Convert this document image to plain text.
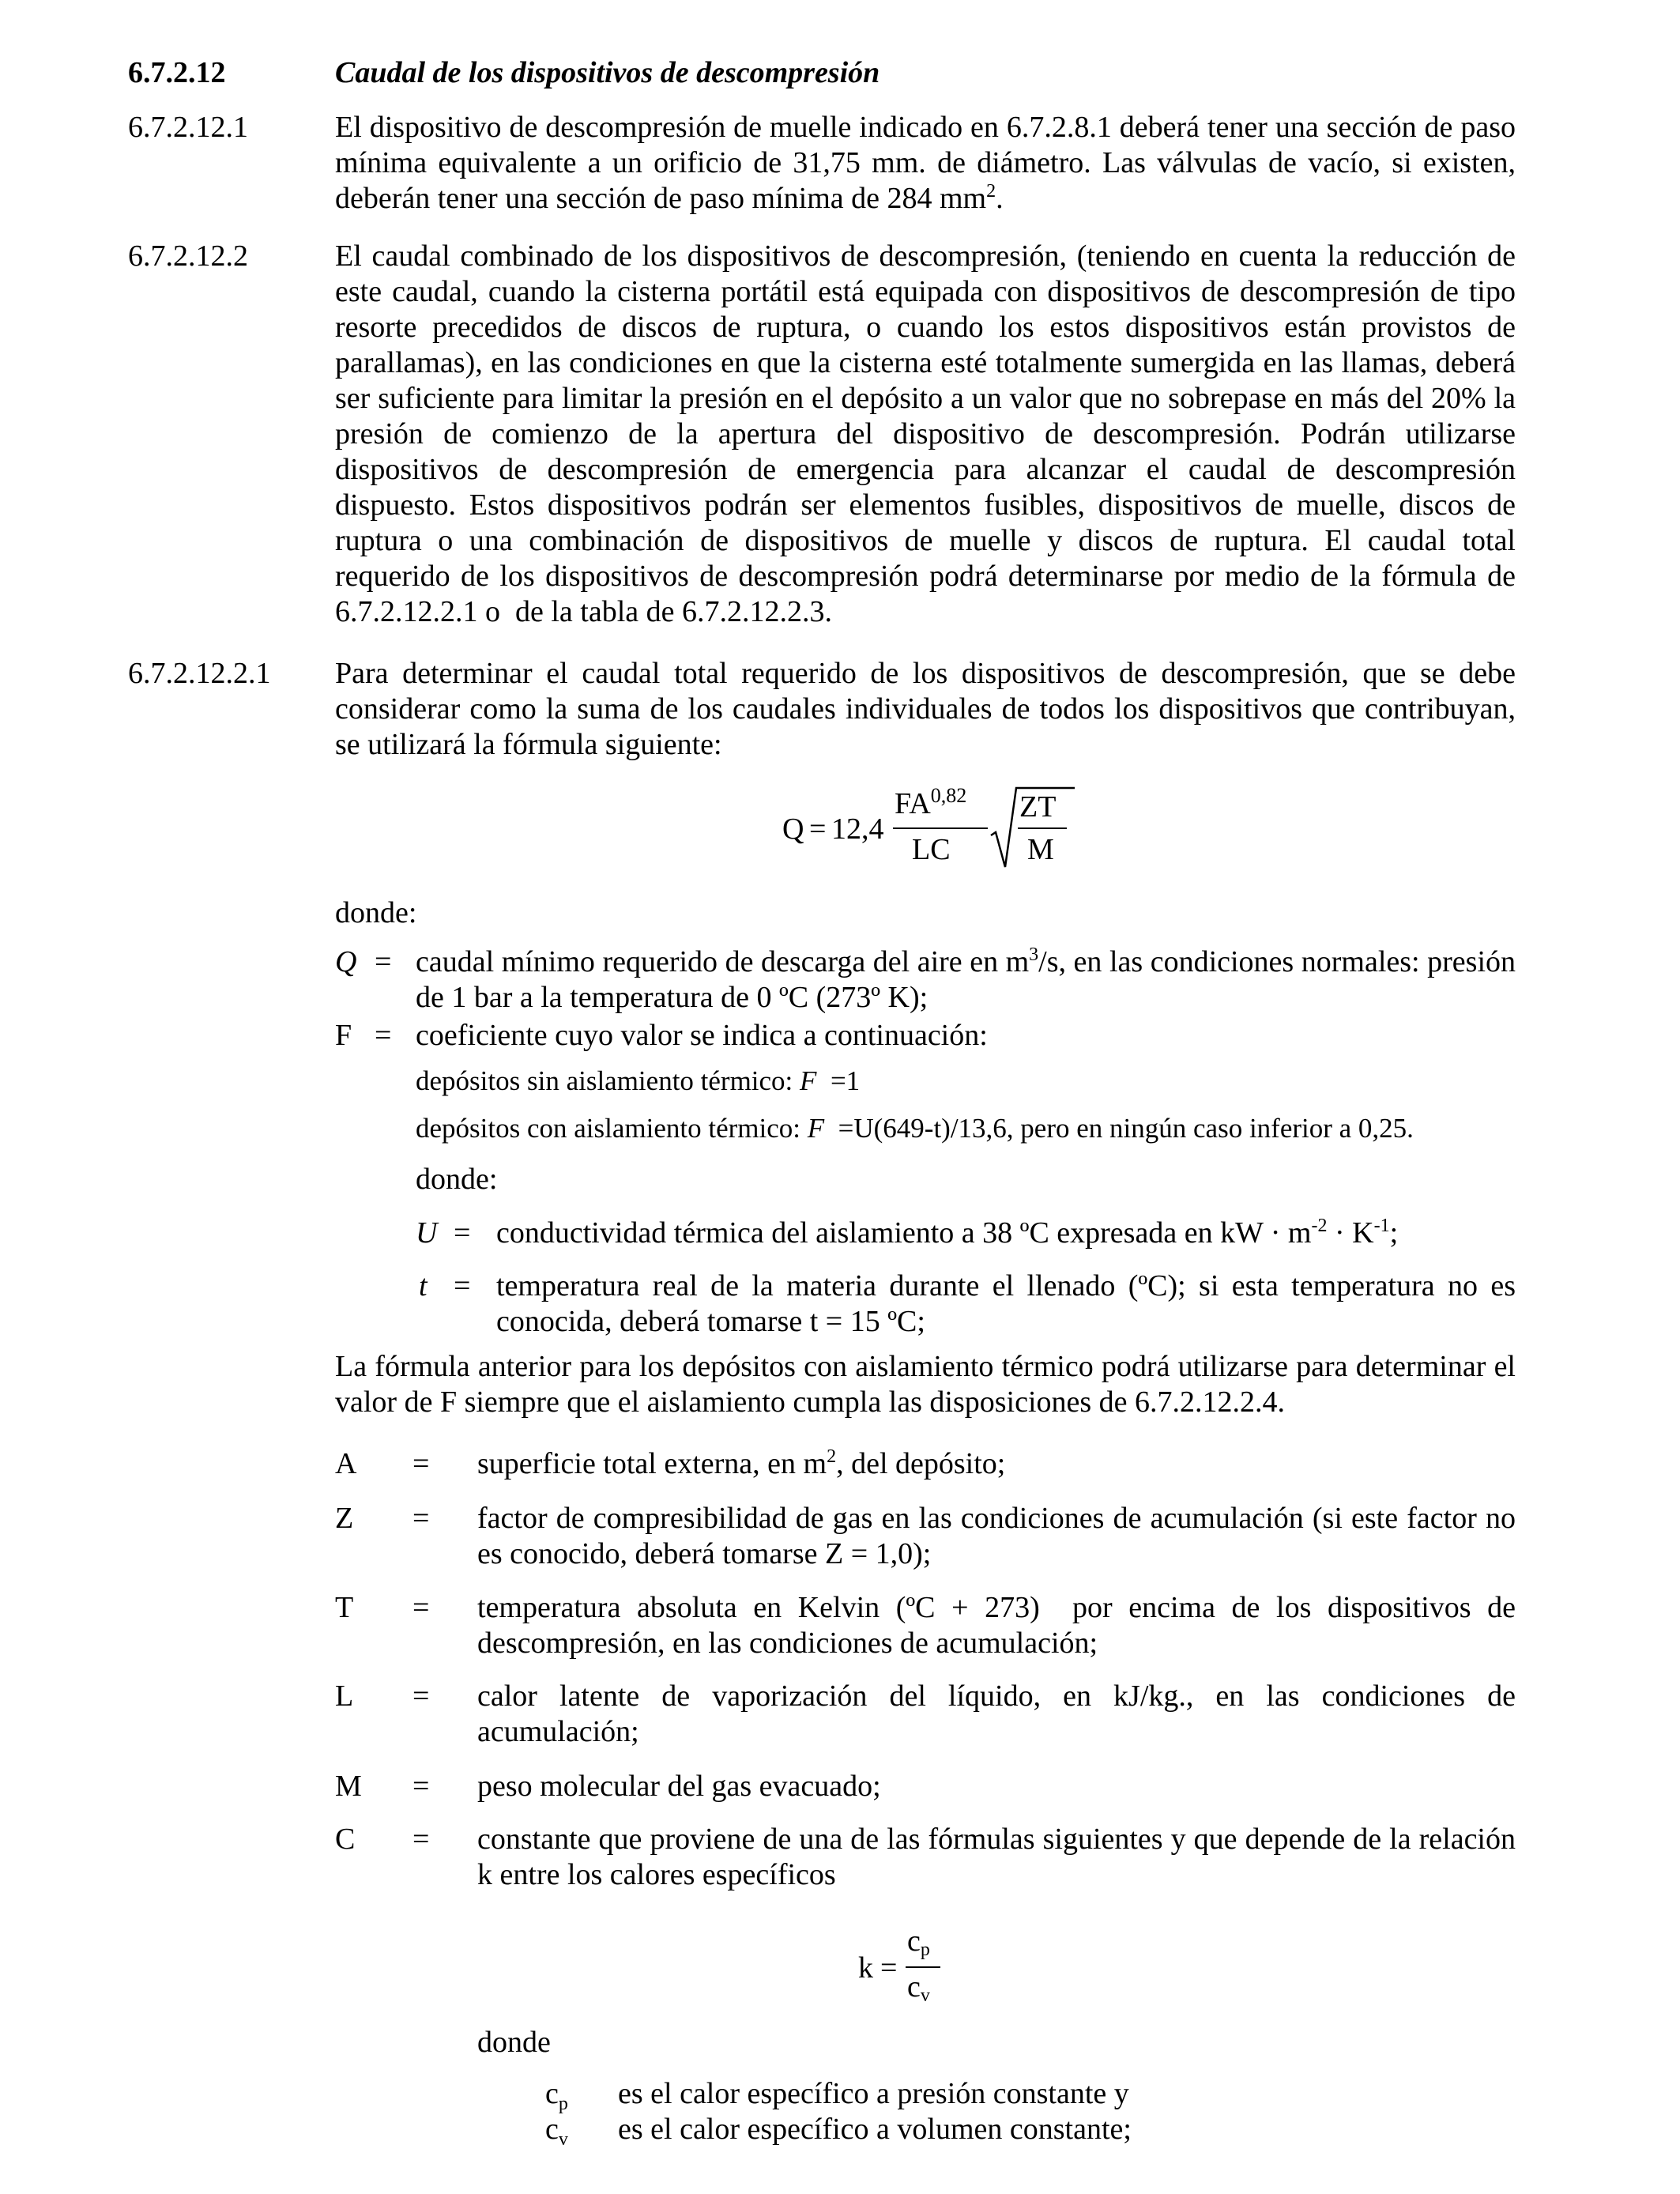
6.7.2.12	Caudal de los dispositivos de descompresión
6.7.2.12.1	El dispositivo de descompresión de muelle indicado en 6.7.2.8.1 deberá tener una sección de paso mínima equivalente a un orificio de 31,75 mm. de diámetro. Las válvulas de vacío, si existen, deberán tener una sección de paso mínima de 284 $mm^2$.
6.7.2.12.2	El caudal combinado de los dispositivos de descompresión, (teniendo en cuenta la reducción de este caudal, cuando la cisterna portátil está equipada con dispositivos de descompresión de tipo resorte precedidos de discos de ruptura, o cuando los estos dispositivos están provistos de parallamas), en las condiciones en que la cisterna esté totalmente sumergida en las llamas, deberá ser suficiente para limitar la presión en el depósito a un valor que no sobrepase en más del 20% la presión de comienzo de la apertura del dispositivo de descompresión. Podrán utilizarse dispositivos de descompresión de emergencia para alcanzar el caudal de descompresión dispuesto. Estos dispositivos podrán ser elementos fusibles, dispositivos de muelle, discos de ruptura o una combinación de dispositivos de muelle y discos de ruptura. El caudal total requerido de los dispositivos de descompresión podrá determinarse por medio de la fórmula de 6.7.2.12.2.1 o  de la tabla de 6.7.2.12.2.3.
6.7.2.12.2.1 Para determinar el caudal total requerido de los dispositivos de descompresión, que se debe considerar como la suma de los caudales individuales de todos los dispositivos que contribuyan, se utilizará la fórmula siguiente:
Q = 12,4
FA$^{0,82}$
LC
ZT
M
donde:
Q = caudal mínimo requerido de descarga del aire en $m^3/s$, en las condiciones normales: presión de 1 bar a la temperatura de 0 ºC (273º K);
F = coeficiente cuyo valor se indica a continuación:
depósitos sin aislamiento térmico: F  =1
depósitos con aislamiento térmico: F  =U(649-t)/13,6, pero en ningún caso inferior a 0,25.
donde:
U = conductividad térmica del aislamiento a 38 ºC expresada en kW · $m^{-2} \cdot K^{-1}$;
t = temperatura real de la materia durante el llenado (ºC); si esta temperatura no es conocida, deberá tomarse t = 15 ºC;
La fórmula anterior para los depósitos con aislamiento térmico podrá utilizarse para determinar el valor de F siempre que el aislamiento cumpla las disposiciones de 6.7.2.12.2.4.
A = superficie total externa, en $m^2$, del depósito;
Z = factor de compresibilidad de gas en las condiciones de acumulación (si este factor no es conocido, deberá tomarse Z = 1,0);
T = temperatura absoluta en Kelvin (ºC + 273)  por encima de los dispositivos de descompresión, en las condiciones de acumulación;
L = calor latente de vaporización del líquido, en kJ/kg., en las condiciones de acumulación;
M = peso molecular del gas evacuado;
C = constante que proviene de una de las fórmulas siguientes y que depende de la relación k entre los calores específicos
k =
cp
cv
donde
$c_p$ es el calor específico a presión constante y
$c_v$ es el calor específico a volumen constante;
